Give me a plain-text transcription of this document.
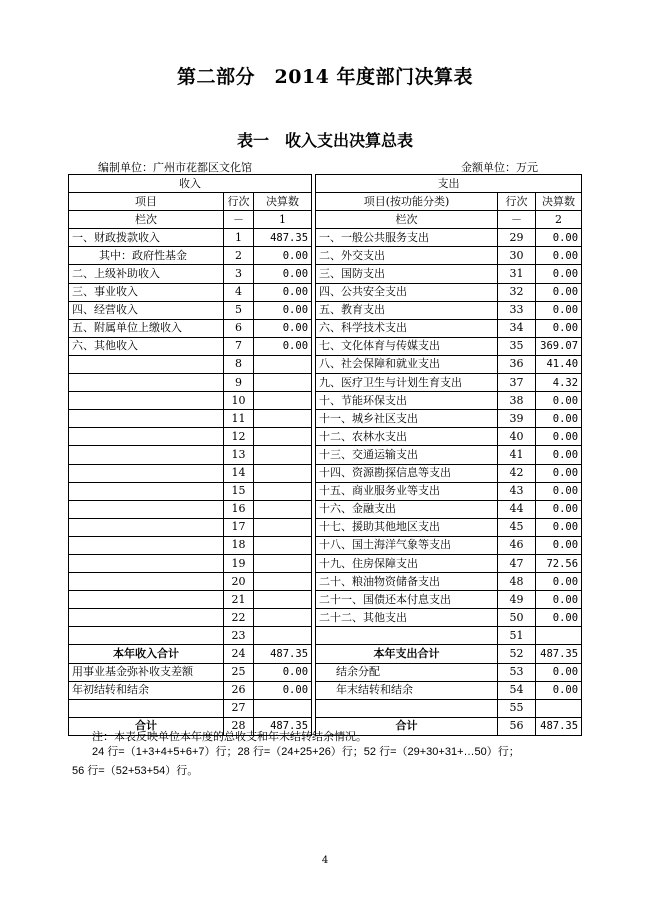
第二部分　2014 年度部门决算表
表一　收入支出决算总表
编制单位：广州市花都区文化馆	金额单位：万元
收入				支出		
项目	行次	决算数		项目(按功能分类)	行次	决算数
栏次	－	1		栏次	－	2
一、财政拨款收入	1	487.35		一、一般公共服务支出	29	0.00
其中：政府性基金	2	0.00		二、外交支出	30	0.00
二、上级补助收入	3	0.00		三、国防支出	31	0.00
三、事业收入	4	0.00		四、公共安全支出	32	0.00
四、经营收入	5	0.00		五、教育支出	33	0.00
五、附属单位上缴收入	6	0.00		六、科学技术支出	34	0.00
六、其他收入	7	0.00		七、文化体育与传媒支出	35	369.07
	8			八、社会保障和就业支出	36	41.40
	9			九、医疗卫生与计划生育支出	37	4.32
	10			十、节能环保支出	38	0.00
	11			十一、城乡社区支出	39	0.00
	12			十二、农林水支出	40	0.00
	13			十三、交通运输支出	41	0.00
	14			十四、资源勘探信息等支出	42	0.00
	15			十五、商业服务业等支出	43	0.00
	16			十六、金融支出	44	0.00
	17			十七、援助其他地区支出	45	0.00
	18			十八、国土海洋气象等支出	46	0.00
	19			十九、住房保障支出	47	72.56
	20			二十、粮油物资储备支出	48	0.00
	21			二十一、国债还本付息支出	49	0.00
	22			二十二、其他支出	50	0.00
	23				51	
本年收入合计	24	487.35		本年支出合计	52	487.35
用事业基金弥补收支差额	25	0.00		结余分配	53	0.00
年初结转和结余	26	0.00		年末结转和结余	54	0.00
	27				55	
合计	28	487.35		合计	56	487.35
注：本表反映单位本年度的总收支和年末结转结余情况。
24 行=（1+3+4+5+6+7）行；28 行=（24+25+26）行；52 行=（29+30+31+…50）行；
56 行=（52+53+54）行。
4
